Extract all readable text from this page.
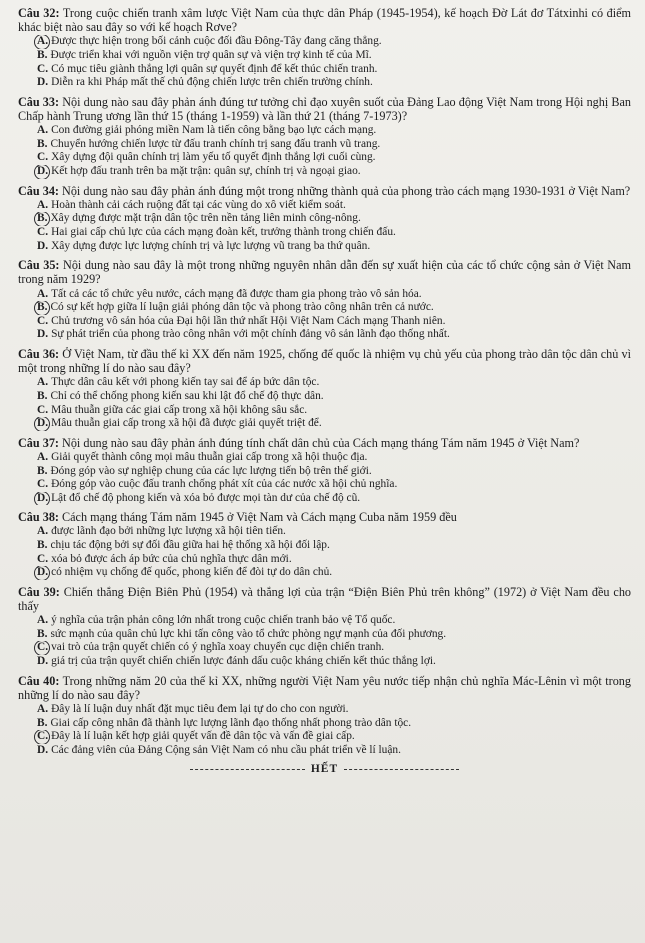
Câu 32: Trong cuộc chiến tranh xâm lược Việt Nam của thực dân Pháp (1945-1954), kế hoạch Đờ Lát đơ Tátxinhi có điểm khác biệt nào sau đây so với kế hoạch Rơve?

A. Được thực hiện trong bối cảnh cuộc đối đầu Đông-Tây đang căng thẳng.

B. Được triển khai với nguồn viện trợ quân sự và viện trợ kinh tế của Mĩ.

C. Có mục tiêu giành thắng lợi quân sự quyết định để kết thúc chiến tranh.

D. Diễn ra khi Pháp mất thế chủ động chiến lược trên chiến trường chính.

Câu 33: Nội dung nào sau đây phản ánh đúng tư tưởng chỉ đạo xuyên suốt của Đảng Lao động Việt Nam trong Hội nghị Ban Chấp hành Trung ương lần thứ 15 (tháng 1-1959) và lần thứ 21 (tháng 7-1973)?

A. Con đường giải phóng miền Nam là tiến công bằng bạo lực cách mạng.

B. Chuyển hướng chiến lược từ đấu tranh chính trị sang đấu tranh vũ trang.

C. Xây dựng đội quân chính trị làm yếu tố quyết định thắng lợi cuối cùng.

D. Kết hợp đấu tranh trên ba mặt trận: quân sự, chính trị và ngoại giao.

Câu 34: Nội dung nào sau đây phản ánh đúng một trong những thành quả của phong trào cách mạng 1930-1931 ở Việt Nam?

A. Hoàn thành cải cách ruộng đất tại các vùng do xô viết kiểm soát.

B. Xây dựng được mặt trận dân tộc trên nền tảng liên minh công-nông.

C. Hai giai cấp chủ lực của cách mạng đoàn kết, trưởng thành trong chiến đấu.

D. Xây dựng được lực lượng chính trị và lực lượng vũ trang ba thứ quân.

Câu 35: Nội dung nào sau đây là một trong những nguyên nhân dẫn đến sự xuất hiện của các tổ chức cộng sản ở Việt Nam trong năm 1929?

A. Tất cả các tổ chức yêu nước, cách mạng đã được tham gia phong trào vô sản hóa.

B. Có sự kết hợp giữa lí luận giải phóng dân tộc và phong trào công nhân trên cả nước.

C. Chủ trương vô sản hóa của Đại hội lần thứ nhất Hội Việt Nam Cách mạng Thanh niên.

D. Sự phát triển của phong trào công nhân với một chính đảng vô sản lãnh đạo thống nhất.

Câu 36: Ở Việt Nam, từ đầu thế kỉ XX đến năm 1925, chống đế quốc là nhiệm vụ chủ yếu của phong trào dân tộc dân chủ vì một trong những lí do nào sau đây?

A. Thực dân câu kết với phong kiến tay sai để áp bức dân tộc.

B. Chỉ có thể chống phong kiến sau khi lật đổ chế độ thực dân.

C. Mâu thuẫn giữa các giai cấp trong xã hội không sâu sắc.

D. Mâu thuẫn giai cấp trong xã hội đã được giải quyết triệt để.

Câu 37: Nội dung nào sau đây phản ánh đúng tính chất dân chủ của Cách mạng tháng Tám năm 1945 ở Việt Nam?

A. Giải quyết thành công mọi mâu thuẫn giai cấp trong xã hội thuộc địa.

B. Đóng góp vào sự nghiệp chung của các lực lượng tiến bộ trên thế giới.

C. Đóng góp vào cuộc đấu tranh chống phát xít của các nước xã hội chủ nghĩa.

D. Lật đổ chế độ phong kiến và xóa bỏ được mọi tàn dư của chế độ cũ.

Câu 38: Cách mạng tháng Tám năm 1945 ở Việt Nam và Cách mạng Cuba năm 1959 đều

A. được lãnh đạo bởi những lực lượng xã hội tiên tiến.

B. chịu tác động bởi sự đối đầu giữa hai hệ thống xã hội đối lập.

C. xóa bỏ được ách áp bức của chủ nghĩa thực dân mới.

D. có nhiệm vụ chống đế quốc, phong kiến để đòi tự do dân chủ.

Câu 39: Chiến thắng Điện Biên Phủ (1954) và thắng lợi của trận “Điện Biên Phủ trên không” (1972) ở Việt Nam đều cho thấy

A. ý nghĩa của trận phản công lớn nhất trong cuộc chiến tranh bảo vệ Tổ quốc.

B. sức mạnh của quân chủ lực khi tấn công vào tổ chức phòng ngự mạnh của đối phương.

C. vai trò của trận quyết chiến có ý nghĩa xoay chuyển cục diện chiến tranh.

D. giá trị của trận quyết chiến chiến lược đánh dấu cuộc kháng chiến kết thúc thắng lợi.

Câu 40: Trong những năm 20 của thế kỉ XX, những người Việt Nam yêu nước tiếp nhận chủ nghĩa Mác-Lênin vì một trong những lí do nào sau đây?

A. Đây là lí luận duy nhất đặt mục tiêu đem lại tự do cho con người.

B. Giai cấp công nhân đã thành lực lượng lãnh đạo thống nhất phong trào dân tộc.

C. Đây là lí luận kết hợp giải quyết vấn đề dân tộc và vấn đề giai cấp.

D. Các đảng viên của Đảng Cộng sản Việt Nam có nhu cầu phát triển về lí luận.

HẾT
